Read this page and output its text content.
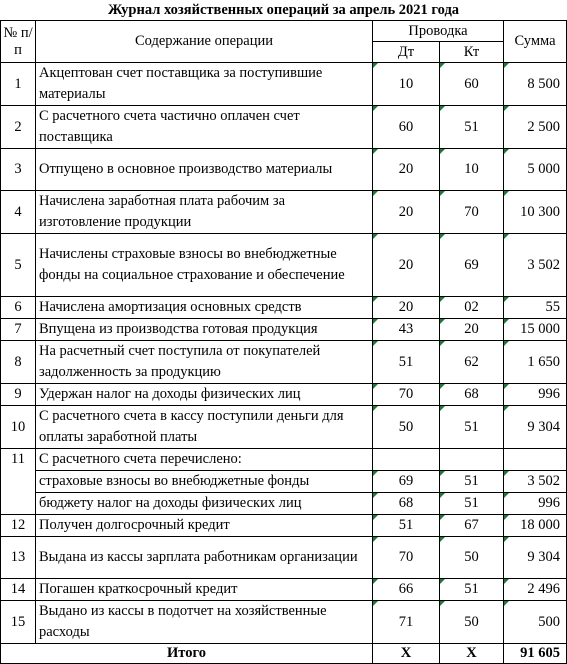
Журнал хозяйственных операций за апрель 2021 года
№ п/п	Содержание операции	Проводка		Сумма
		Дт	Кт	
1	Акцептован счет поставщика за поступившие материалы	10	60	8 500
2	С расчетного счета частично оплачен счет поставщика	60	51	2 500
3	Отпущено в основное производство материалы	20	10	5 000
4	Начислена заработная плата рабочим за изготовление продукции	20	70	10 300
5	Начислены страховые взносы во внебюджетные фонды на социальное страхование и обеспечение	20	69	3 502
6	Начислена амортизация основных средств	20	02	55
7	Впущена из производства готовая продукция	43	20	15 000
8	На расчетный счет поступила от покупателей задолженность за продукцию	51	62	1 650
9	Удержан налог на доходы физических лиц	70	68	996
10	С расчетного счета в кассу поступили деньги для оплаты заработной платы	50	51	9 304
11	С расчетного счета перечислено:			
	страховые взносы во внебюджетные фонды	69	51	3 502
	бюджету налог на доходы физических лиц	68	51	996
12	Получен долгосрочный кредит	51	67	18 000
13	Выдана из кассы зарплата работникам организации	70	50	9 304
14	Погашен краткосрочный кредит	66	51	2 496
15	Выдано из кассы в подотчет на хозяйственные расходы	71	50	500
Итого		X	X	91 605
